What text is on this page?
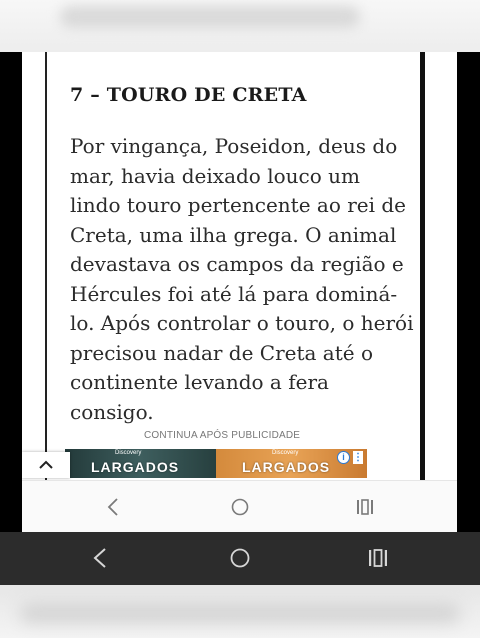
7 – TOURO DE CRETA

Por vingança, Poseidon, deus do mar, havia deixado louco um lindo touro pertencente ao rei de Creta, uma ilha grega. O animal devastava os campos da região e Hércules foi até lá para dominá-lo. Após controlar o touro, o herói precisou nadar de Creta até o continente levando a fera consigo.

CONTINUA APÓS PUBLICIDADE
Discovery
LARGADOS
Discovery
LARGADOS
i ⋮
